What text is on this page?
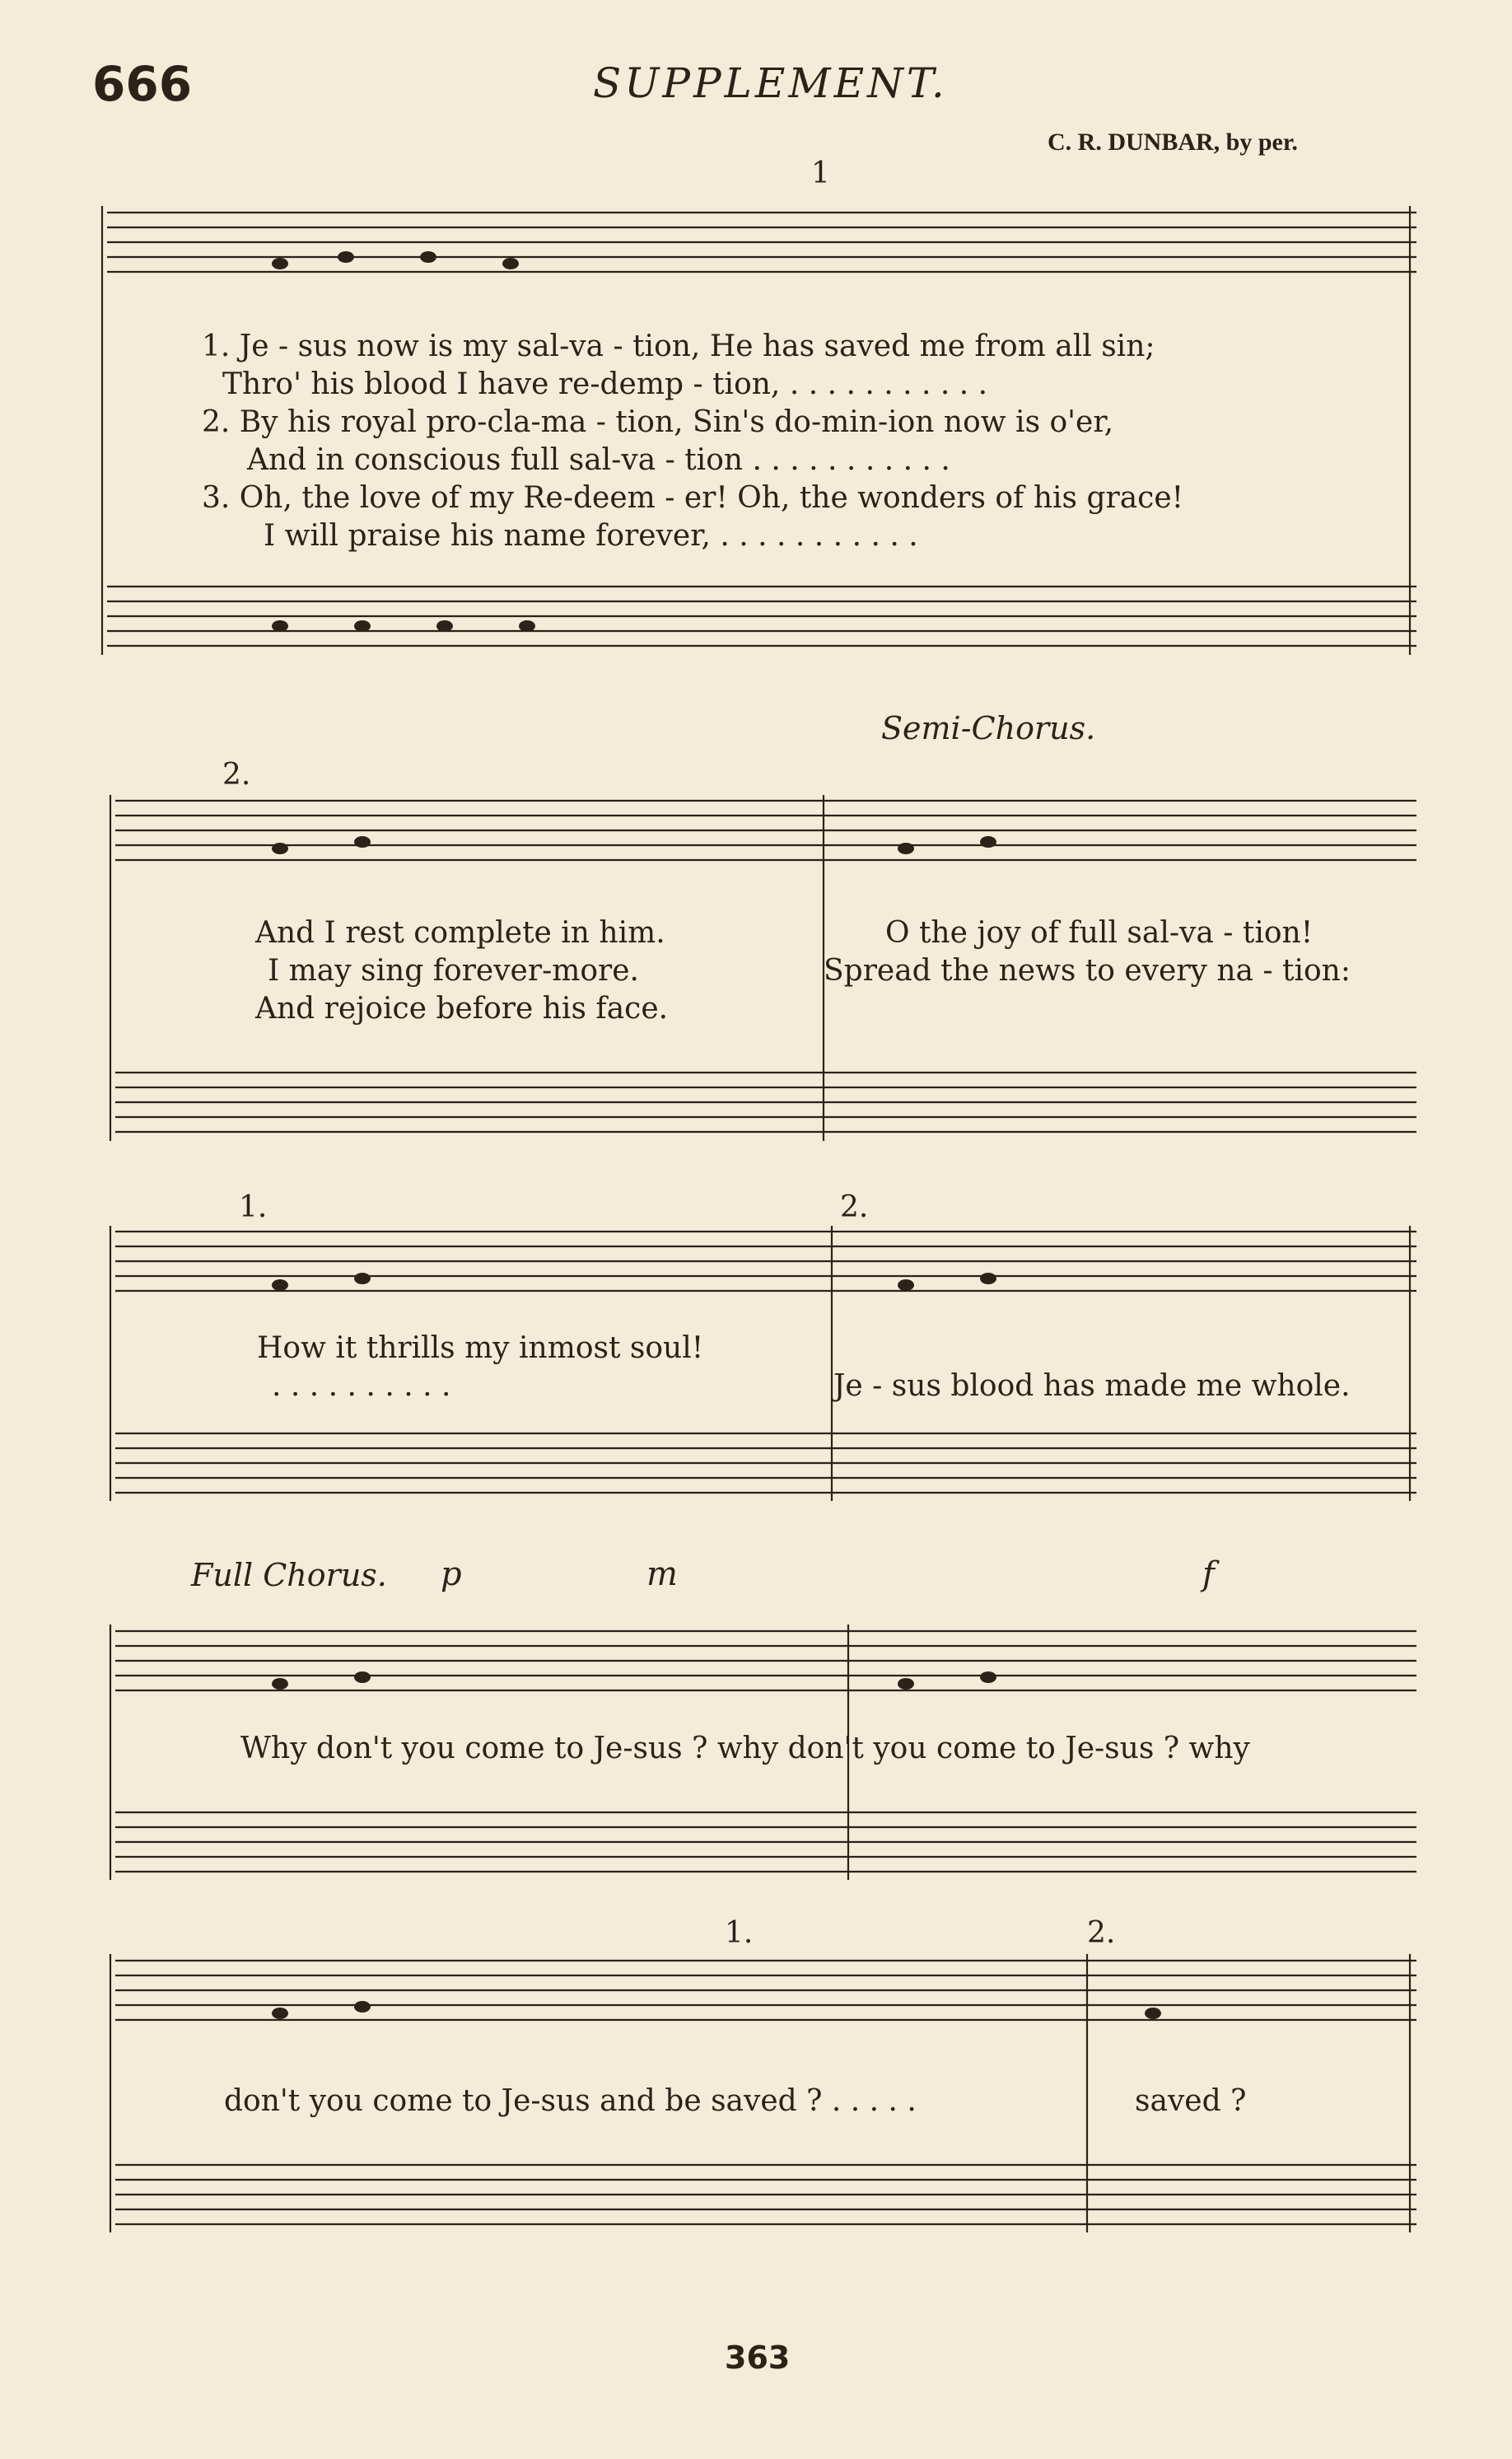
666	SUPPLEMENT.
C. R. DUNBAR, by per.
1
2.
Semi-Chorus.
1.	2.
Full Chorus. p	m	f
1.	2.
1. Je - sus now is my sal-va - tion, He has saved me from all sin;
Thro' his blood I have re-demp - tion, . . . . . . . . . . .
2. By his royal pro-cla-ma - tion, Sin's do-min-ion now is o'er,
And in conscious full sal-va - tion . . . . . . . . . . .
3. Oh, the love of my Re-deem - er! Oh, the wonders of his grace!
I will praise his name forever, . . . . . . . . . . .
And I rest complete in him.
I may sing forever-more.
And rejoice before his face.
O the joy of full sal-va - tion!
Spread the news to every na - tion:
How it thrills my inmost soul!
. . . . . . . . . .	Je - sus blood has made me whole.
Why don't you come to Je-sus ? why don't you come to Je-sus ? why
don't you come to Je-sus and be saved ? . . . . .	saved ?
363
